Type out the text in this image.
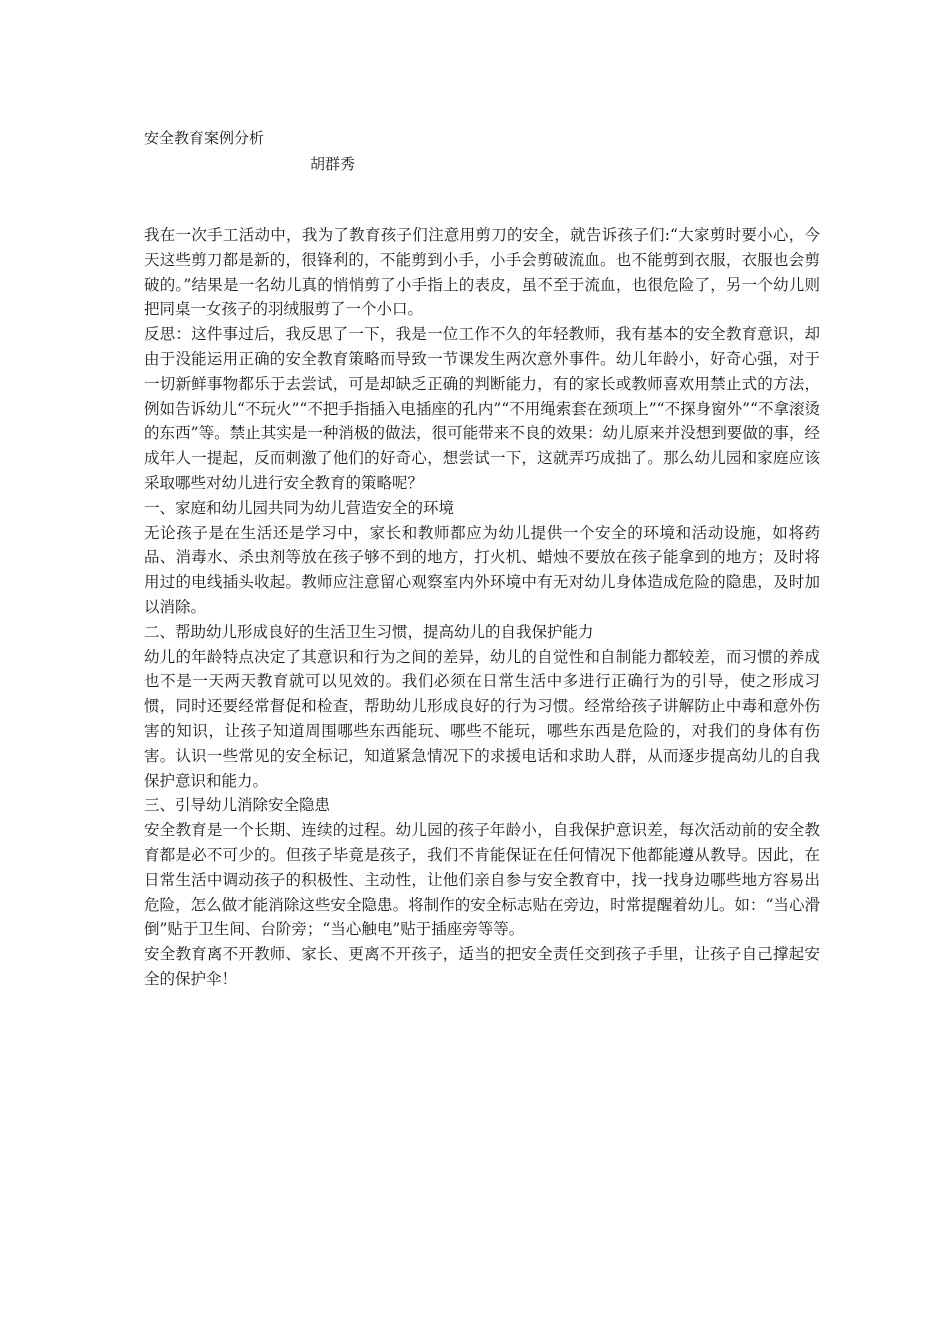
安全教育案例分析
胡群秀

我在一次手工活动中，我为了教育孩子们注意用剪刀的安全，就告诉孩子们:“大家剪时要小心，今天这些剪刀都是新的，很锋利的，不能剪到小手，小手会剪破流血。也不能剪到衣服，衣服也会剪破的。”结果是一名幼儿真的悄悄剪了小手指上的表皮，虽不至于流血，也很危险了，另一个幼儿则把同桌一女孩子的羽绒服剪了一个小口。

反思：这件事过后，我反思了一下，我是一位工作不久的年轻教师，我有基本的安全教育意识，却由于没能运用正确的安全教育策略而导致一节课发生两次意外事件。幼儿年龄小，好奇心强，对于一切新鲜事物都乐于去尝试，可是却缺乏正确的判断能力，有的家长或教师喜欢用禁止式的方法，例如告诉幼儿“不玩火”“不把手指插入电插座的孔内”“不用绳索套在颈项上”“不探身窗外”“不拿滚烫的东西”等。禁止其实是一种消极的做法，很可能带来不良的效果：幼儿原来并没想到要做的事，经成年人一提起，反而刺激了他们的好奇心，想尝试一下，这就弄巧成拙了。那么幼儿园和家庭应该采取哪些对幼儿进行安全教育的策略呢？

一、家庭和幼儿园共同为幼儿营造安全的环境

无论孩子是在生活还是学习中，家长和教师都应为幼儿提供一个安全的环境和活动设施，如将药品、消毒水、杀虫剂等放在孩子够不到的地方，打火机、蜡烛不要放在孩子能拿到的地方；及时将用过的电线插头收起。教师应注意留心观察室内外环境中有无对幼儿身体造成危险的隐患，及时加以消除。

二、帮助幼儿形成良好的生活卫生习惯，提高幼儿的自我保护能力

幼儿的年龄特点决定了其意识和行为之间的差异，幼儿的自觉性和自制能力都较差，而习惯的养成也不是一天两天教育就可以见效的。我们必须在日常生活中多进行正确行为的引导，使之形成习惯，同时还要经常督促和检查，帮助幼儿形成良好的行为习惯。经常给孩子讲解防止中毒和意外伤害的知识，让孩子知道周围哪些东西能玩、哪些不能玩，哪些东西是危险的，对我们的身体有伤害。认识一些常见的安全标记，知道紧急情况下的求援电话和求助人群，从而逐步提高幼儿的自我保护意识和能力。

三、引导幼儿消除安全隐患

安全教育是一个长期、连续的过程。幼儿园的孩子年龄小，自我保护意识差，每次活动前的安全教育都是必不可少的。但孩子毕竟是孩子，我们不肯能保证在任何情况下他都能遵从教导。因此，在日常生活中调动孩子的积极性、主动性，让他们亲自参与安全教育中，找一找身边哪些地方容易出危险，怎么做才能消除这些安全隐患。将制作的安全标志贴在旁边，时常提醒着幼儿。如：“当心滑倒”贴于卫生间、台阶旁；“当心触电”贴于插座旁等等。

安全教育离不开教师、家长、更离不开孩子，适当的把安全责任交到孩子手里，让孩子自己撑起安全的保护伞！
